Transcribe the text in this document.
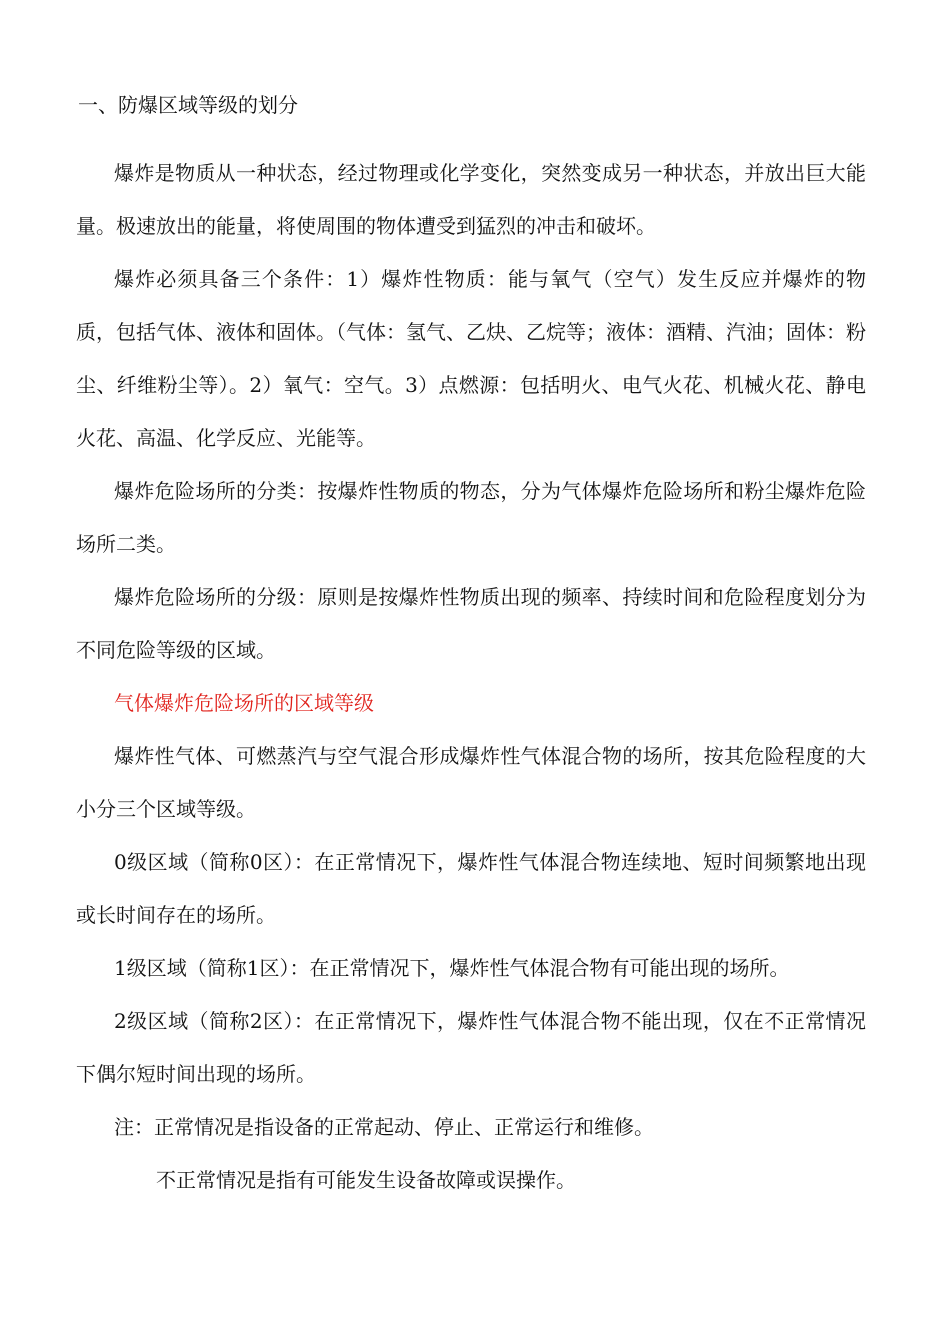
一、防爆区域等级的划分

爆炸是物质从一种状态，经过物理或化学变化，突然变成另一种状态，并放出巨大能量。极速放出的能量，将使周围的物体遭受到猛烈的冲击和破坏。

爆炸必须具备三个条件：1）爆炸性物质：能与氧气（空气）发生反应并爆炸的物质，包括气体、液体和固体。（气体：氢气、乙炔、乙烷等；液体：酒精、汽油；固体：粉尘、纤维粉尘等）。2）氧气：空气。3）点燃源：包括明火、电气火花、机械火花、静电火花、高温、化学反应、光能等。

爆炸危险场所的分类：按爆炸性物质的物态，分为气体爆炸危险场所和粉尘爆炸危险场所二类。

爆炸危险场所的分级：原则是按爆炸性物质出现的频率、持续时间和危险程度划分为不同危险等级的区域。

气体爆炸危险场所的区域等级

爆炸性气体、可燃蒸汽与空气混合形成爆炸性气体混合物的场所，按其危险程度的大小分三个区域等级。

0级区域（简称0区）：在正常情况下，爆炸性气体混合物连续地、短时间频繁地出现或长时间存在的场所。

1级区域（简称1区）：在正常情况下，爆炸性气体混合物有可能出现的场所。

2级区域（简称2区）：在正常情况下，爆炸性气体混合物不能出现，仅在不正常情况下偶尔短时间出现的场所。

注：正常情况是指设备的正常起动、停止、正常运行和维修。

不正常情况是指有可能发生设备故障或误操作。
